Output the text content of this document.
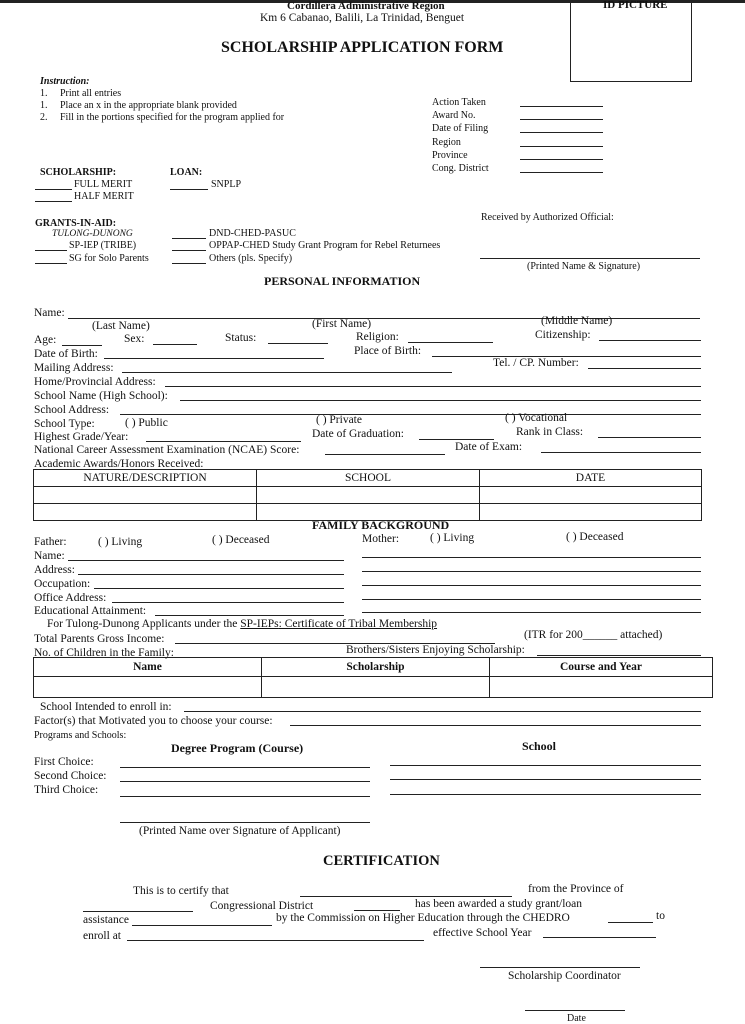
Cordillera Administrative Region
Km 6 Cabanao, Balili, La Trinidad, Benguet
SCHOLARSHIP APPLICATION FORM
ID PICTURE
Instruction:
1. Print all entries
1. Place an x in the appropriate blank provided
2. Fill in the portions specified for the program applied for
Action Taken
Award No.
Date of Filing
Region
Province
Cong. District
SCHOLARSHIP:
FULL MERIT
HALF MERIT
LOAN:
SNPLP
GRANTS-IN-AID:
TULONG-DUNONG
SP-IEP (TRIBE)
SG for Solo Parents
DND-CHED-PASUC
OPPAP-CHED Study Grant Program for Rebel Returnees
Others (pls. Specify)
Received by Authorized Official:
(Printed Name & Signature)
PERSONAL INFORMATION
Name:
(Last Name)	(First Name)	(Middle Name)
Age:	Sex:	Status:	Religion:	Citizenship:
Date of Birth:	Place of Birth:
Mailing Address:	Tel. / CP. Number:
Home/Provincial Address:
School Name (High School):
School Address:
School Type:	( ) Public	( ) Private	( ) Vocational
Highest Grade/Year:	Date of Graduation:	Rank in Class:
National Career Assessment Examination (NCAE) Score:	Date of Exam:
Academic Awards/Honors Received:
NATURE/DESCRIPTION	SCHOOL	DATE

FAMILY BACKGROUND
Father:	( ) Living	( ) Deceased	Mother:	( ) Living	( ) Deceased
Name:
Address:
Occupation:
Office Address:
Educational Attainment:
For Tulong-Dunong Applicants under the SP-IEPs: Certificate of Tribal Membership
Total Parents Gross Income:	(ITR for 200______ attached)
No. of Children in the Family:	Brothers/Sisters Enjoying Scholarship:
Name	Scholarship	Course and Year

School Intended to enroll in:
Factor(s) that Motivated you to choose your course:
Programs and Schools:
Degree Program (Course)	School
First Choice:
Second Choice:
Third Choice:
(Printed Name over Signature of Applicant)
CERTIFICATION
This is to certify that	from the Province of
Congressional District	has been awarded a study grant/loan
assistance	by the Commission on Higher Education through the CHEDRO	to
enroll at	effective School Year
Scholarship Coordinator
Date
